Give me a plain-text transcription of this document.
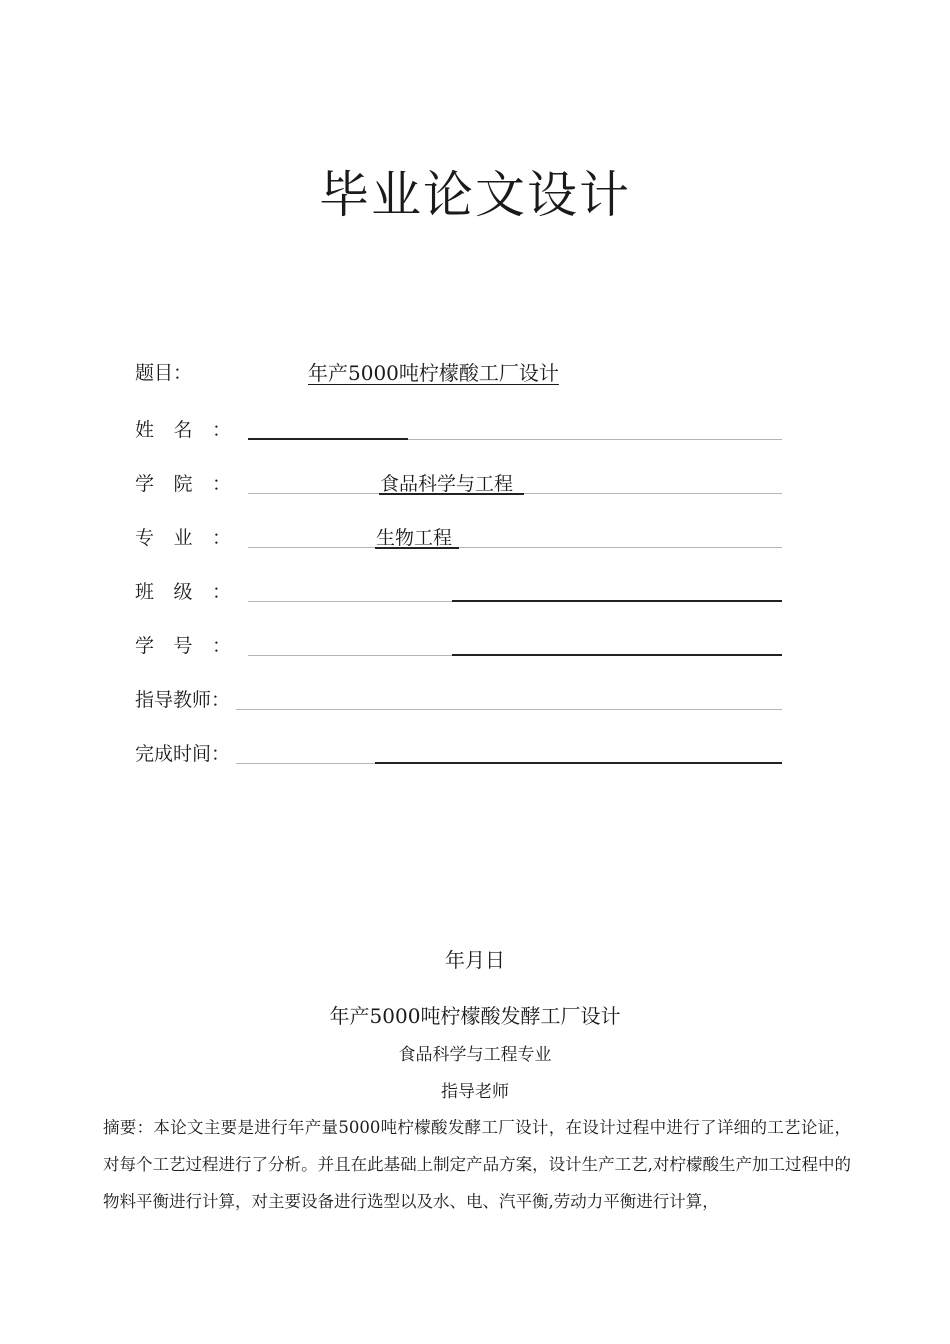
毕业论文设计
题目：	年产5000吨柠檬酸工厂设计
姓名：
学院：	食品科学与工程
专业：	生物工程
班级：
学号：
指导教师：
完成时间：
年月日
年产5000吨柠檬酸发酵工厂设计
食品科学与工程专业
指导老师
摘要：本论文主要是进行年产量5000吨柠檬酸发酵工厂设计，在设计过程中进行了详细的工艺论证，对每个工艺过程进行了分析。并且在此基础上制定产品方案，设计生产工艺,对柠檬酸生产加工过程中的物料平衡进行计算，对主要设备进行选型以及水、电、汽平衡,劳动力平衡进行计算，
